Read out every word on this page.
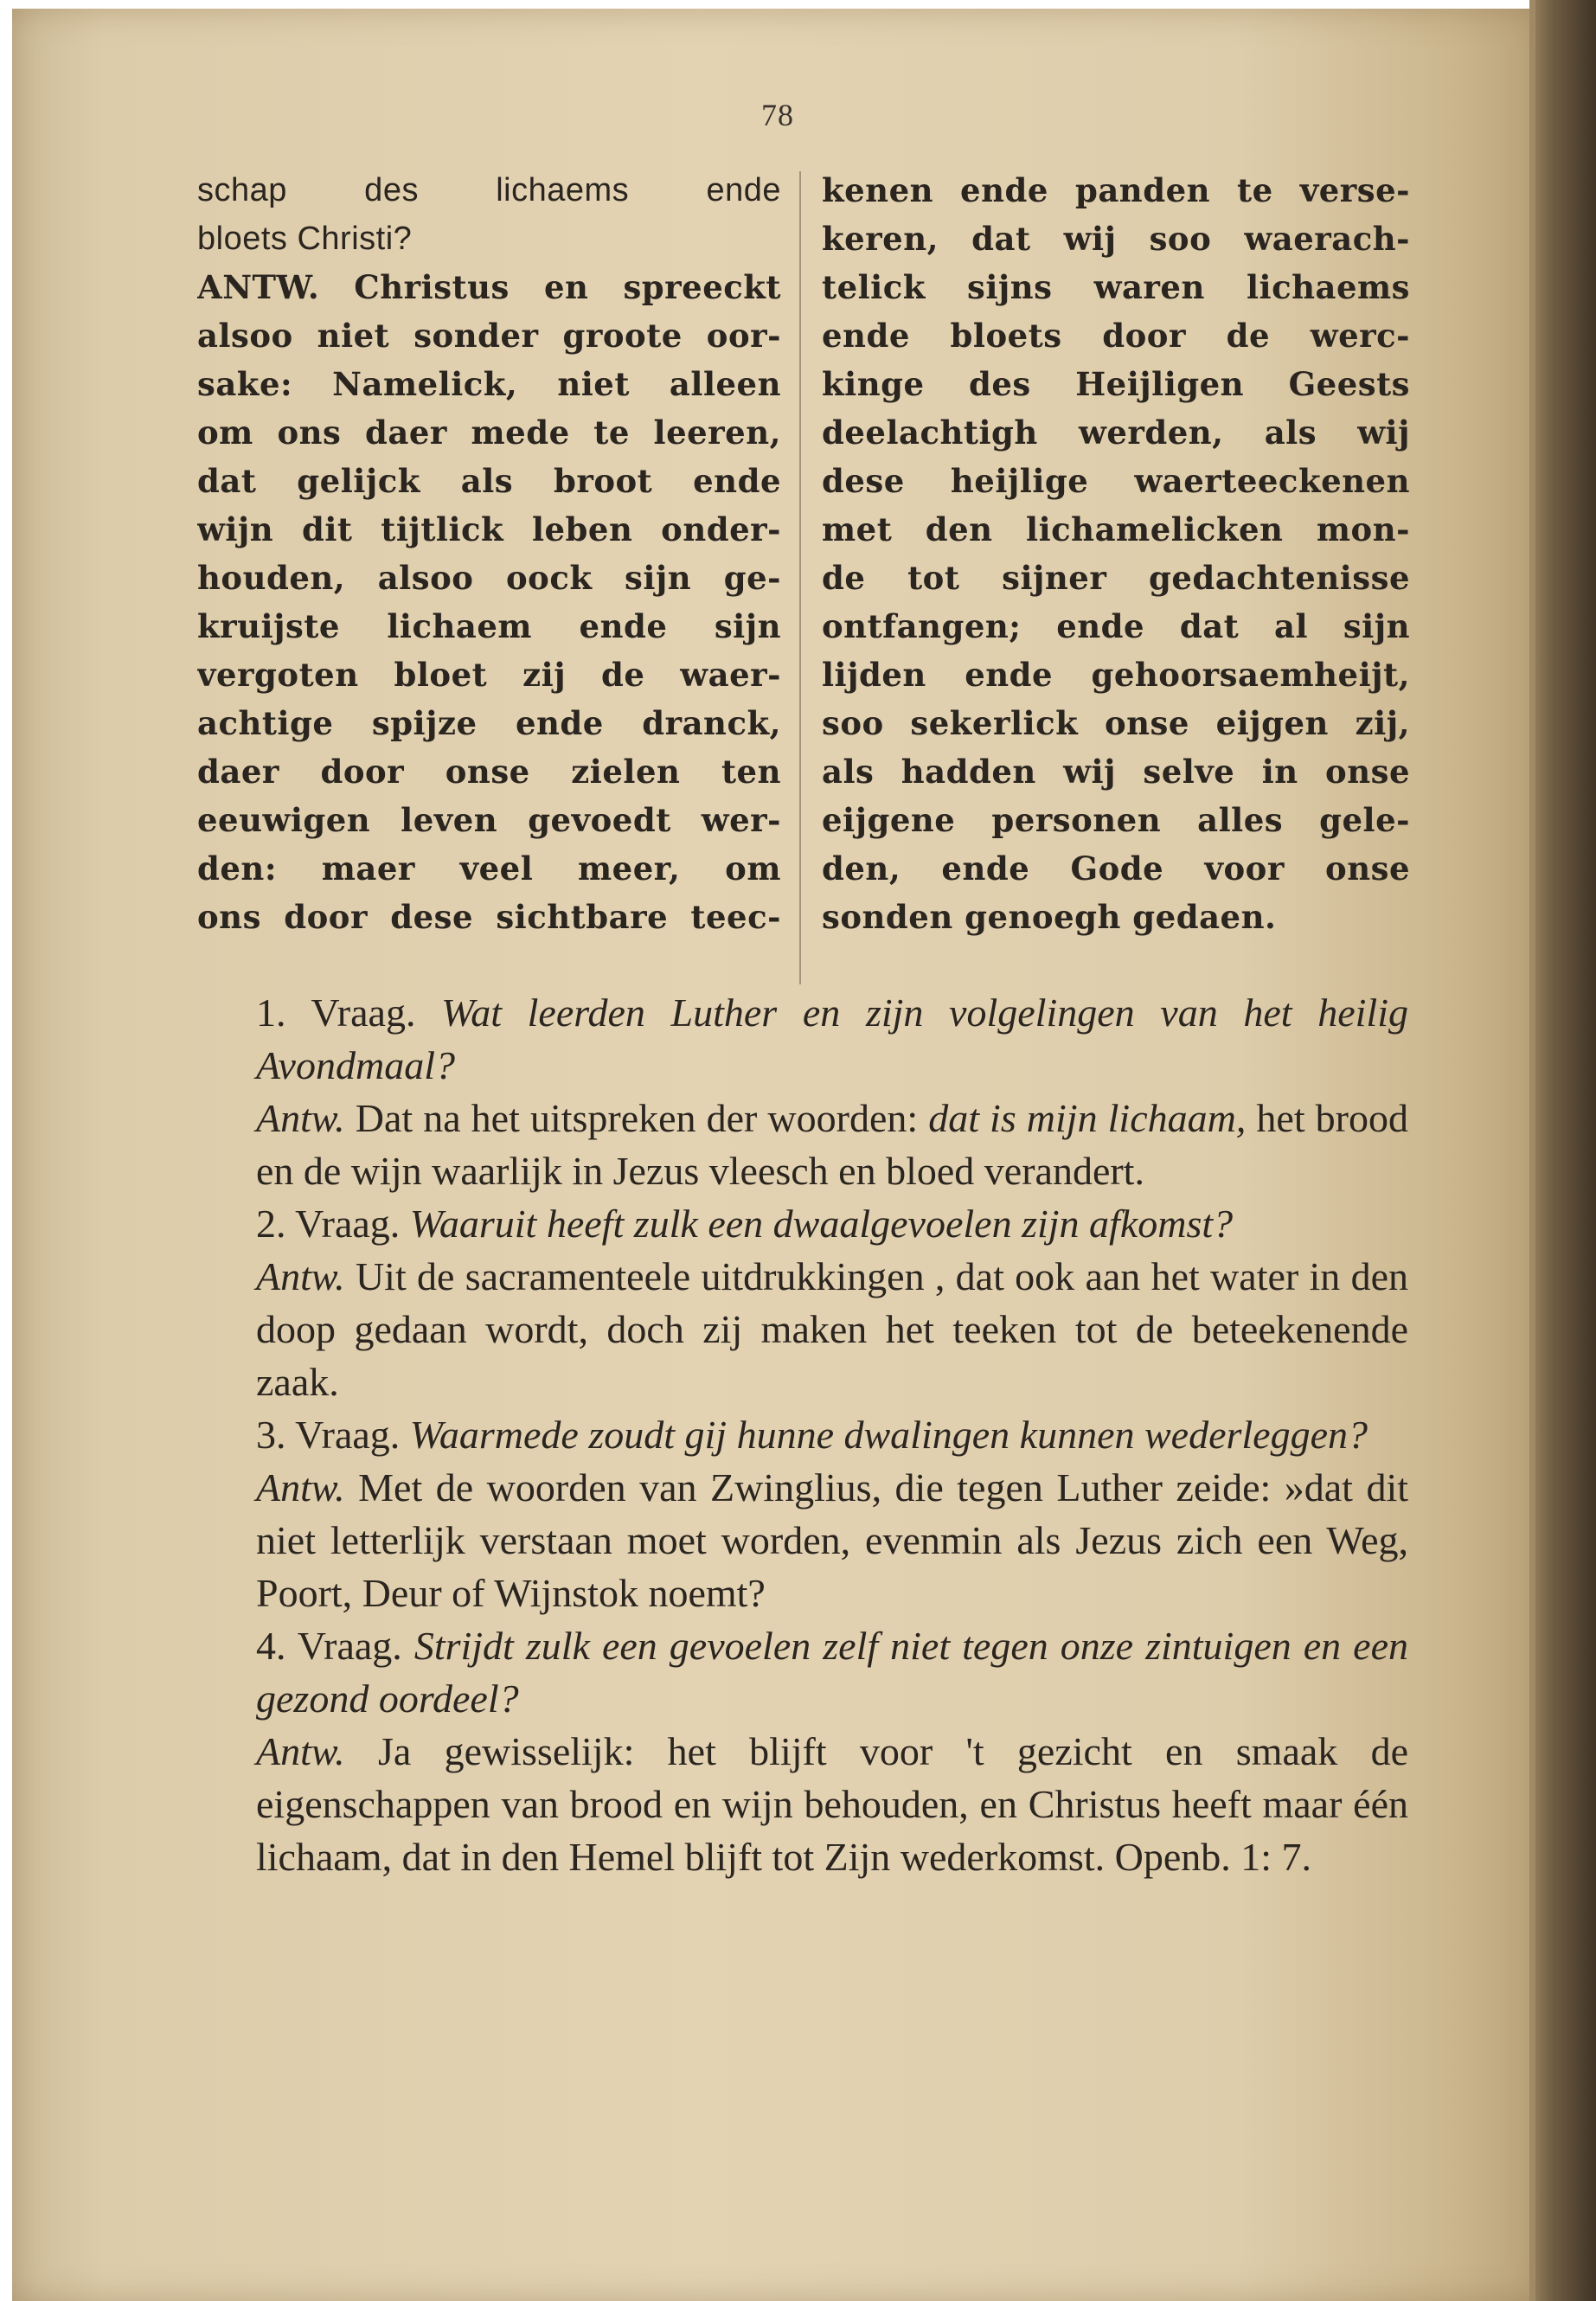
78
schap des lichaems ende
bloets Christi?
ANTW. Christus en spreeckt
alsoo niet sonder groote oor-
sake: Namelick, niet alleen
om ons daer mede te leeren,
dat gelijck als broot ende
wijn dit tijtlick leben onder-
houden, alsoo oock sijn ge-
kruijste lichaem ende sijn
vergoten bloet zij de waer-
achtige spijze ende dranck,
daer door onse zielen ten
eeuwigen leven gevoedt wer-
den: maer veel meer, om
ons door dese sichtbare teec-
kenen ende panden te verse-
keren, dat wij soo waerach-
telick sijns waren lichaems
ende bloets door de werc-
kinge des Heijligen Geests
deelachtigh werden, als wij
dese heijlige waerteeckenen
met den lichamelicken mon-
de tot sijner gedachtenisse
ontfangen; ende dat al sijn
lijden ende gehoorsaemheijt,
soo sekerlick onse eijgen zij,
als hadden wij selve in onse
eijgene personen alles gele-
den, ende Gode voor onse
sonden genoegh gedaen.

1. Vraag. Wat leerden Luther en zijn volgelingen van het heilig Avondmaal?

Antw. Dat na het uitspreken der woorden: dat is mijn lichaam, het brood en de wijn waarlijk in Jezus vleesch en bloed verandert.

2. Vraag. Waaruit heeft zulk een dwaalgevoelen zijn afkomst?

Antw. Uit de sacramenteele uitdrukkingen , dat ook aan het water in den doop gedaan wordt, doch zij maken het teeken tot de beteekenende zaak.

3. Vraag. Waarmede zoudt gij hunne dwalingen kunnen wederleggen?

Antw. Met de woorden van Zwinglius, die tegen Luther zeide: »dat dit niet letterlijk verstaan moet worden, evenmin als Jezus zich een Weg, Poort, Deur of Wijnstok noemt?

4. Vraag. Strijdt zulk een gevoelen zelf niet tegen onze zintuigen en een gezond oordeel?

Antw. Ja gewisselijk: het blijft voor 't gezicht en smaak de eigenschappen van brood en wijn behouden, en Christus heeft maar één lichaam, dat in den Hemel blijft tot Zijn wederkomst. Openb. 1: 7.
